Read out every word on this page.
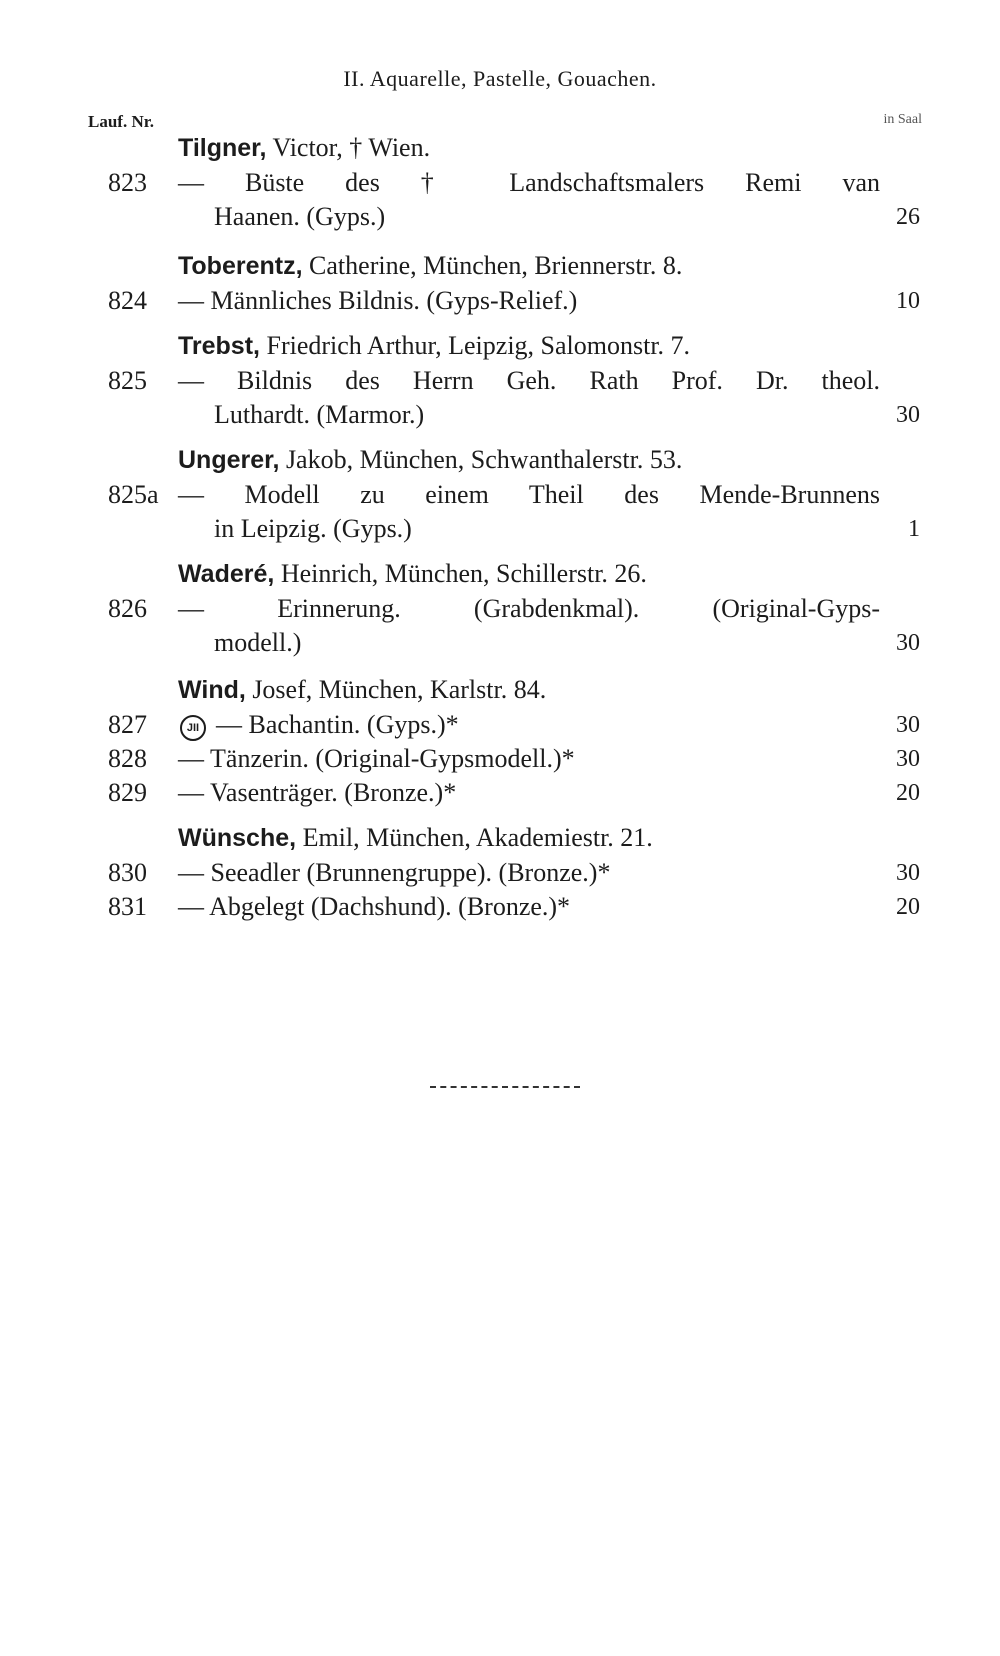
II. Aquarelle, Pastelle, Gouachen.
Lauf. Nr.	in Saal
Tilgner, Victor, † Wien.
823 — Büste des † Landschaftsmalers Remi van
Haanen. (Gyps.)	26
Toberentz, Catherine, München, Briennerstr. 8.
824 — Männliches Bildnis. (Gyps-Relief.)	10
Trebst, Friedrich Arthur, Leipzig, Salomonstr. 7.
825 — Bildnis des Herrn Geh. Rath Prof. Dr. theol.
Luthardt. (Marmor.)	30
Ungerer, Jakob, München, Schwanthalerstr. 53.
825a — Modell zu einem Theil des Mende-Brunnens
in Leipzig. (Gyps.)	1
Waderé, Heinrich, München, Schillerstr. 26.
826 — Erinnerung. (Grabdenkmal). (Original-Gyps-
modell.)	30
Wind, Josef, München, Karlstr. 84.
827	JII — Bachantin. (Gyps.)*	30
828 — Tänzerin. (Original-Gypsmodell.)*	30
829 — Vasenträger. (Bronze.)*	20
Wünsche, Emil, München, Akademiestr. 21.
830 — Seeadler (Brunnengruppe). (Bronze.)*	30
831 — Abgelegt (Dachshund). (Bronze.)*	20
